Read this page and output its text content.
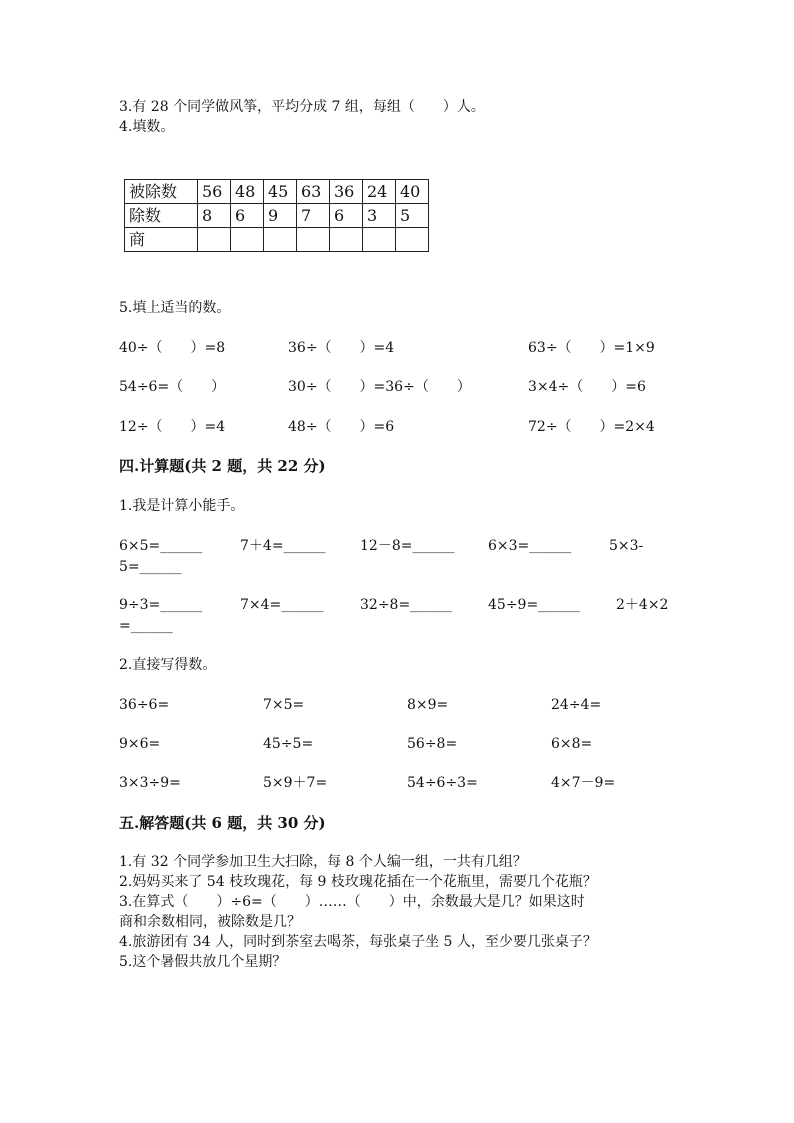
3.有 28 个同学做风筝，平均分成 7 组，每组（　　）人。
4.填数。
被除数	56	48	45	63	36	24	40
除数	8	6	9	7	6	3	5
商							
5.填上适当的数。
40÷（　　）=8	36÷（　　）=4	63÷（　　）=1×9
54÷6=（　　）	30÷（　　）=36÷（　　）	3×4÷（　　）=6
12÷（　　）=4	48÷（　　）=6	72÷（　　）=2×4
四.计算题(共 2 题，共 22 分)
1.我是计算小能手。
6×5=______	7＋4=______ 12－8=______ 6×3=______	5×3-
5=______
9÷3=______	7×4=______	32÷8=______	45÷9=______	2＋4×2
=______
2.直接写得数。
36÷6=	7×5=	8×9=	24÷4=
9×6=	45÷5=	56÷8=	6×8=
3×3÷9=	5×9＋7=	54÷6÷3=	4×7－9=
五.解答题(共 6 题，共 30 分)
1.有 32 个同学参加卫生大扫除，每 8 个人编一组，一共有几组？
2.妈妈买来了 54 枝玫瑰花，每 9 枝玫瑰花插在一个花瓶里，需要几个花瓶？
3.在算式（　　）÷6=（　　）……（　　）中，余数最大是几？如果这时
商和余数相同，被除数是几？
4.旅游团有 34 人，同时到茶室去喝茶，每张桌子坐 5 人，至少要几张桌子？
5.这个暑假共放几个星期？
